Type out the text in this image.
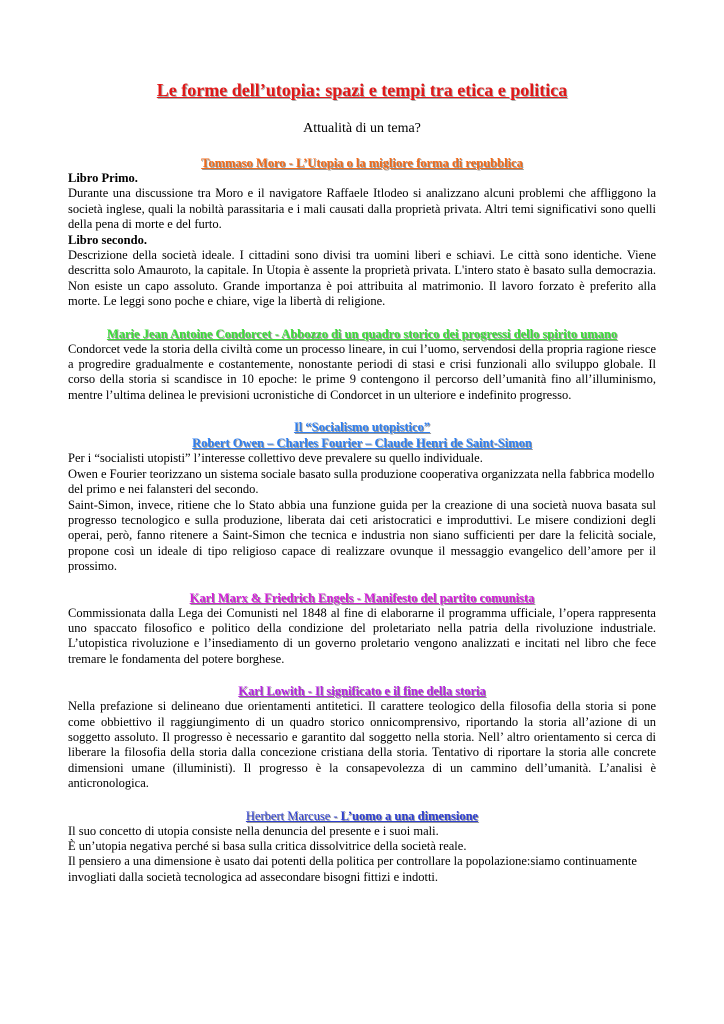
Le forme dell’utopia: spazi e tempi tra etica e politica

Attualità di un tema?

Tommaso Moro - L’Utopia o la migliore forma di repubblica

Libro Primo.

Durante una discussione tra Moro e il navigatore Raffaele Itlodeo si analizzano alcuni problemi che affliggono la società inglese, quali la nobiltà parassitaria e i mali causati dalla proprietà privata. Altri temi significativi sono quelli della pena di morte e del furto.

Libro secondo.

Descrizione della società ideale. I cittadini sono divisi tra uomini liberi e schiavi. Le città sono identiche. Viene descritta solo Amauroto, la capitale. In Utopia è assente la proprietà privata. L'intero stato è basato sulla democrazia. Non esiste un capo assoluto. Grande importanza è poi attribuita al matrimonio. Il lavoro forzato è preferito alla morte. Le leggi sono poche e chiare, vige la libertà di religione.

Marie Jean Antoine Condorcet - Abbozzo di un quadro storico dei progressi dello spirito umano

Condorcet vede la storia della civiltà come un processo lineare, in cui l’uomo, servendosi della propria ragione riesce a progredire gradualmente e costantemente, nonostante periodi di stasi e crisi funzionali allo sviluppo globale. Il corso della storia si scandisce in 10 epoche: le prime 9 contengono il percorso dell’umanità fino all’illuminismo, mentre l’ultima delinea le previsioni ucronistiche di Condorcet in un ulteriore e indefinito progresso.

Il “Socialismo utopistico”

Robert Owen – Charles Fourier – Claude Henri de Saint-Simon

Per i “socialisti utopisti” l’interesse collettivo deve prevalere su quello individuale.

Owen e Fourier teorizzano un sistema sociale basato sulla produzione cooperativa organizzata nella fabbrica modello del primo e nei falansteri del secondo.

Saint-Simon, invece, ritiene che lo Stato abbia una funzione guida per la creazione di una società nuova basata sul progresso tecnologico e sulla produzione, liberata dai ceti aristocratici e improduttivi. Le misere condizioni degli operai, però, fanno ritenere a Saint-Simon che tecnica e industria non siano sufficienti per dare la felicità sociale, propone così un ideale di tipo religioso capace di realizzare ovunque il messaggio evangelico dell’amore per il prossimo.

Karl Marx & Friedrich Engels - Manifesto del partito comunista

Commissionata dalla Lega dei Comunisti nel 1848 al fine di elaborarne il programma ufficiale, l’opera rappresenta uno spaccato filosofico e politico della condizione del proletariato nella patria della rivoluzione industriale. L’utopistica rivoluzione e l’insediamento di un governo proletario vengono analizzati e incitati nel libro che fece tremare le fondamenta del potere borghese.

Karl Lowith - Il significato e il fine della storia

Nella prefazione si delineano due orientamenti antitetici. Il carattere teologico della filosofia della storia si pone come obbiettivo il raggiungimento di un quadro storico onnicomprensivo, riportando la storia all’azione di un soggetto assoluto. Il progresso è necessario e garantito dal soggetto nella storia. Nell’ altro orientamento si cerca di liberare la filosofia della storia dalla concezione cristiana della storia. Tentativo di riportare la storia alle concrete dimensioni umane (illuministi). Il progresso è la consapevolezza di un cammino dell’umanità. L’analisi è anticronologica.

Herbert Marcuse - L’uomo a una dimensione

Il suo concetto di utopia consiste nella denuncia del presente e i suoi mali.

È un’utopia negativa perché si basa sulla critica dissolvitrice della società reale.

Il pensiero a una dimensione è usato dai potenti della politica per controllare la popolazione:siamo continuamente invogliati dalla società tecnologica ad assecondare bisogni fittizi e indotti.
